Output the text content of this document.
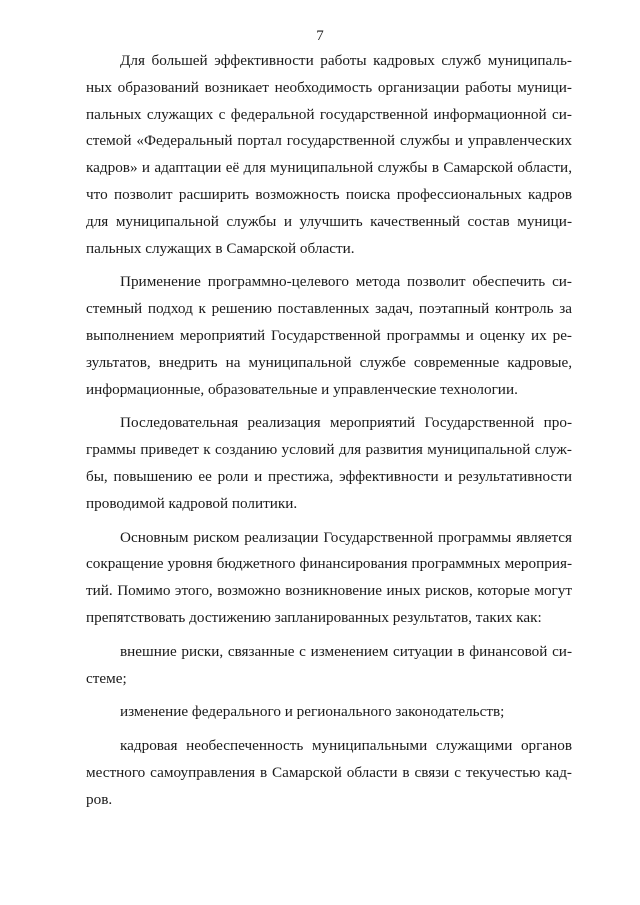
7

Для большей эффективности работы кадровых служб муниципаль-
ных образований возникает необходимость организации работы муници-
пальных служащих с федеральной государственной информационной си-
стемой «Федеральный портал государственной службы и управленческих
кадров» и адаптации её для муниципальной службы в Самарской области,
что позволит расширить возможность поиска профессиональных кадров
для муниципальной службы и улучшить качественный состав муници-
пальных служащих в Самарской области.

Применение программно-целевого метода позволит обеспечить си-
стемный подход к решению поставленных задач, поэтапный контроль за
выполнением мероприятий Государственной программы и оценку их ре-
зультатов, внедрить на муниципальной службе современные кадровые,
информационные, образовательные и управленческие технологии.

Последовательная реализация мероприятий Государственной про-
граммы приведет к созданию условий для развития муниципальной служ-
бы, повышению ее роли и престижа, эффективности и результативности
проводимой кадровой политики.

Основным риском реализации Государственной программы является
сокращение уровня бюджетного финансирования программных мероприя-
тий. Помимо этого, возможно возникновение иных рисков, которые могут
препятствовать достижению запланированных результатов, таких как:

внешние риски, связанные с изменением ситуации в финансовой си-
стеме;

изменение федерального и регионального законодательств;

кадровая необеспеченность муниципальными служащими органов
местного самоуправления в Самарской области в связи с текучестью кад-
ров.
